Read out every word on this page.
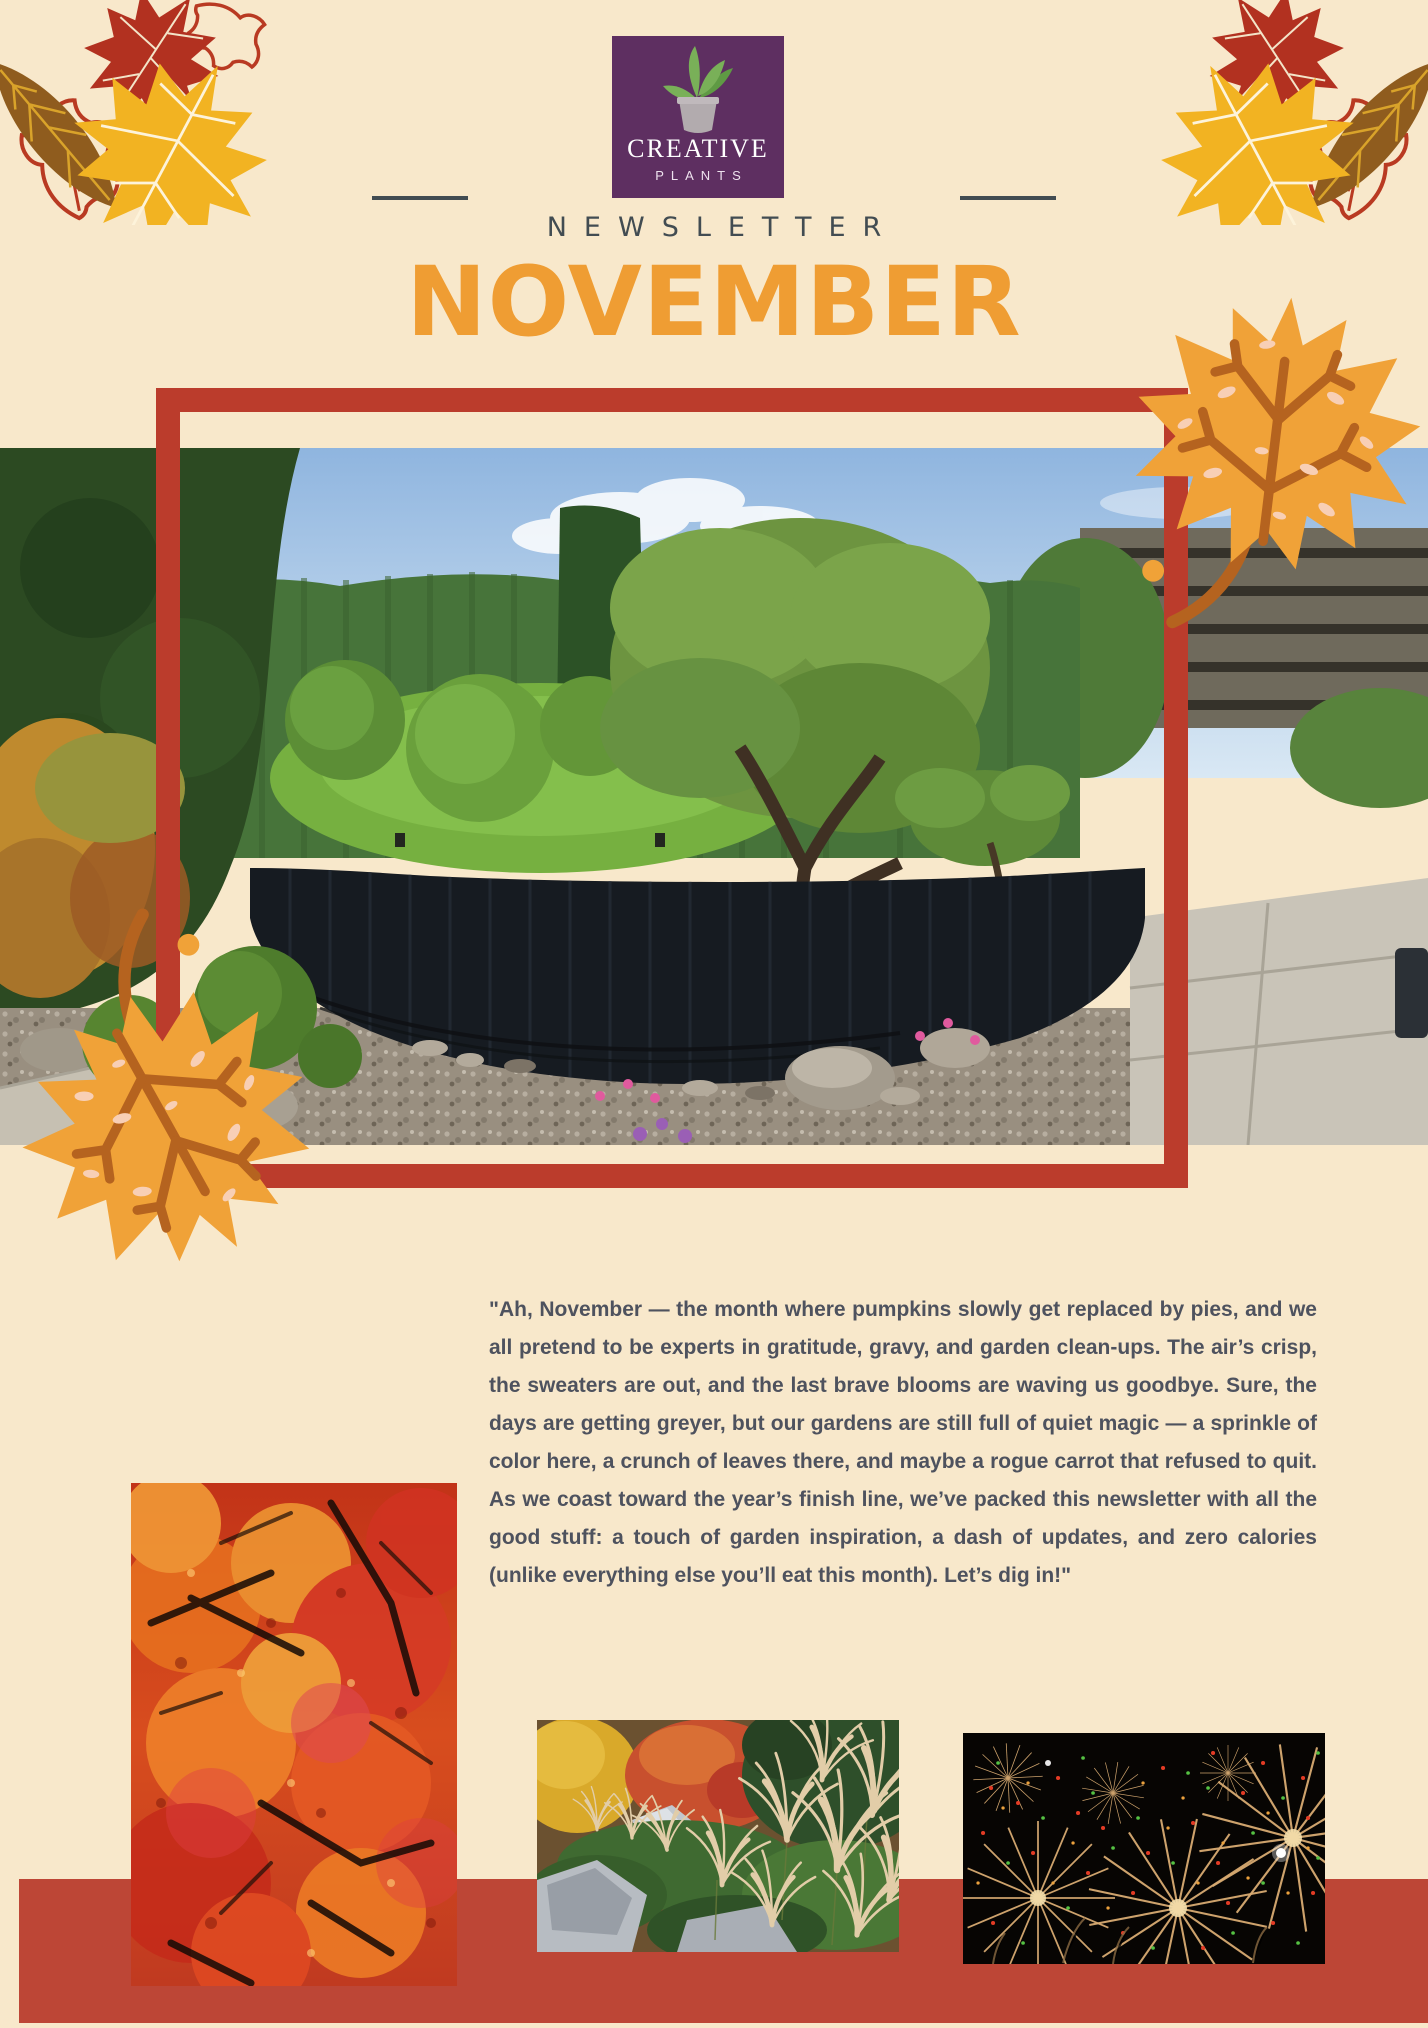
CREATIVE
PLANTS
NEWSLETTER
NOVEMBER

"Ah, November — the month where pumpkins slowly get replaced by pies, and we all pretend to be experts in gratitude, gravy, and garden clean-ups. The air’s crisp, the sweaters are out, and the last brave blooms are waving us goodbye. Sure, the days are getting greyer, but our gardens are still full of quiet magic — a sprinkle of color here, a crunch of leaves there, and maybe a rogue carrot that refused to quit. As we coast toward the year’s finish line, we’ve packed this newsletter with all the good stuff: a touch of garden inspiration, a dash of updates, and zero calories (unlike everything else you’ll eat this month). Let’s dig in!"
